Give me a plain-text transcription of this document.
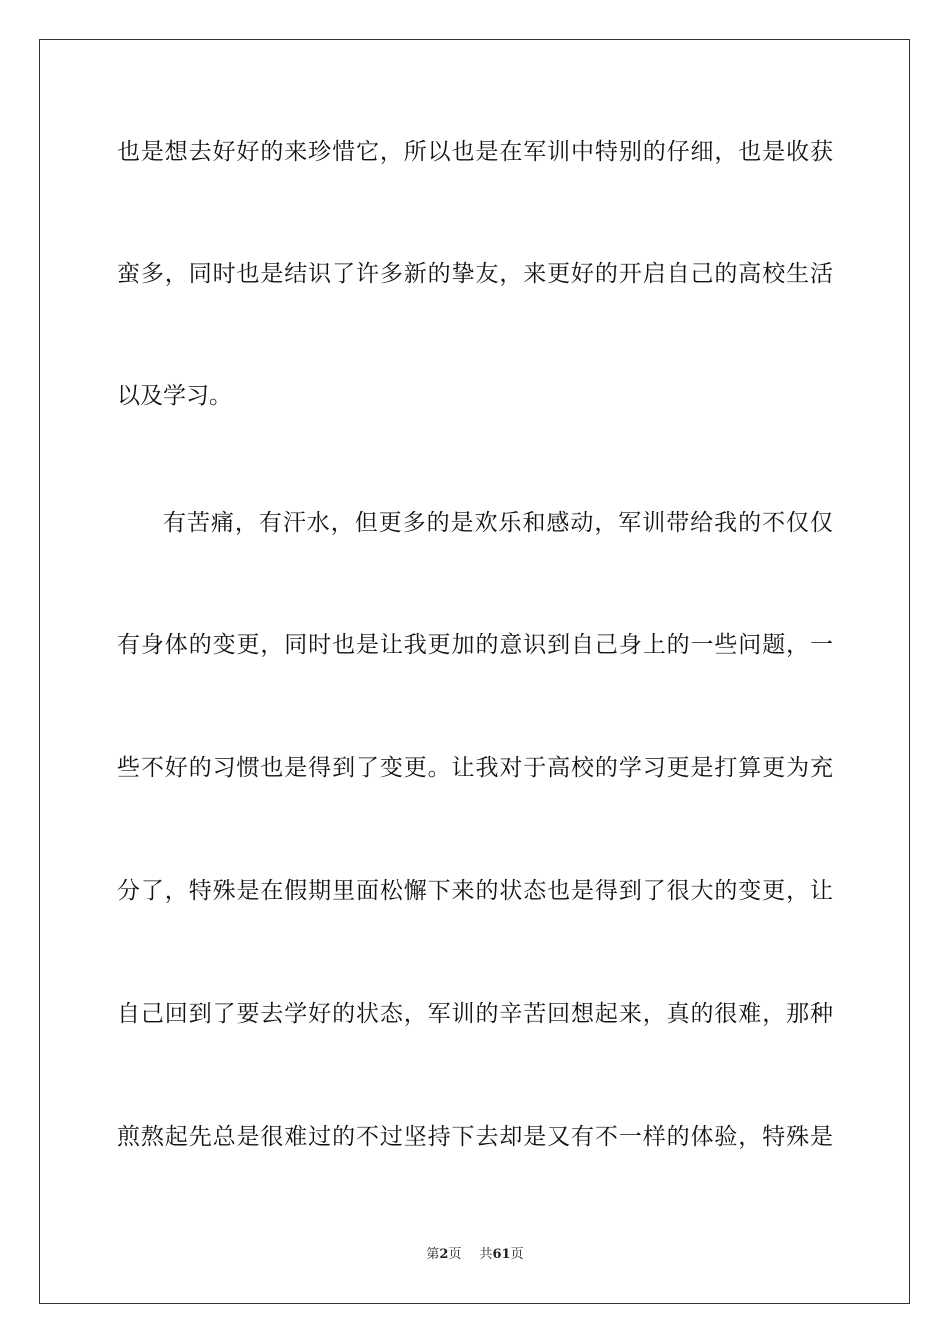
也是想去好好的来珍惜它，所以也是在军训中特别的仔细，也是收获
蛮多，同时也是结识了许多新的挚友，来更好的开启自己的高校生活
以及学习。
有苦痛，有汗水，但更多的是欢乐和感动，军训带给我的不仅仅
有身体的变更，同时也是让我更加的意识到自己身上的一些问题，一
些不好的习惯也是得到了变更。让我对于高校的学习更是打算更为充
分了，特殊是在假期里面松懈下来的状态也是得到了很大的变更，让
自己回到了要去学好的状态，军训的辛苦回想起来，真的很难，那种
煎熬起先总是很难过的不过坚持下去却是又有不一样的体验，特殊是
第2页 共61页
